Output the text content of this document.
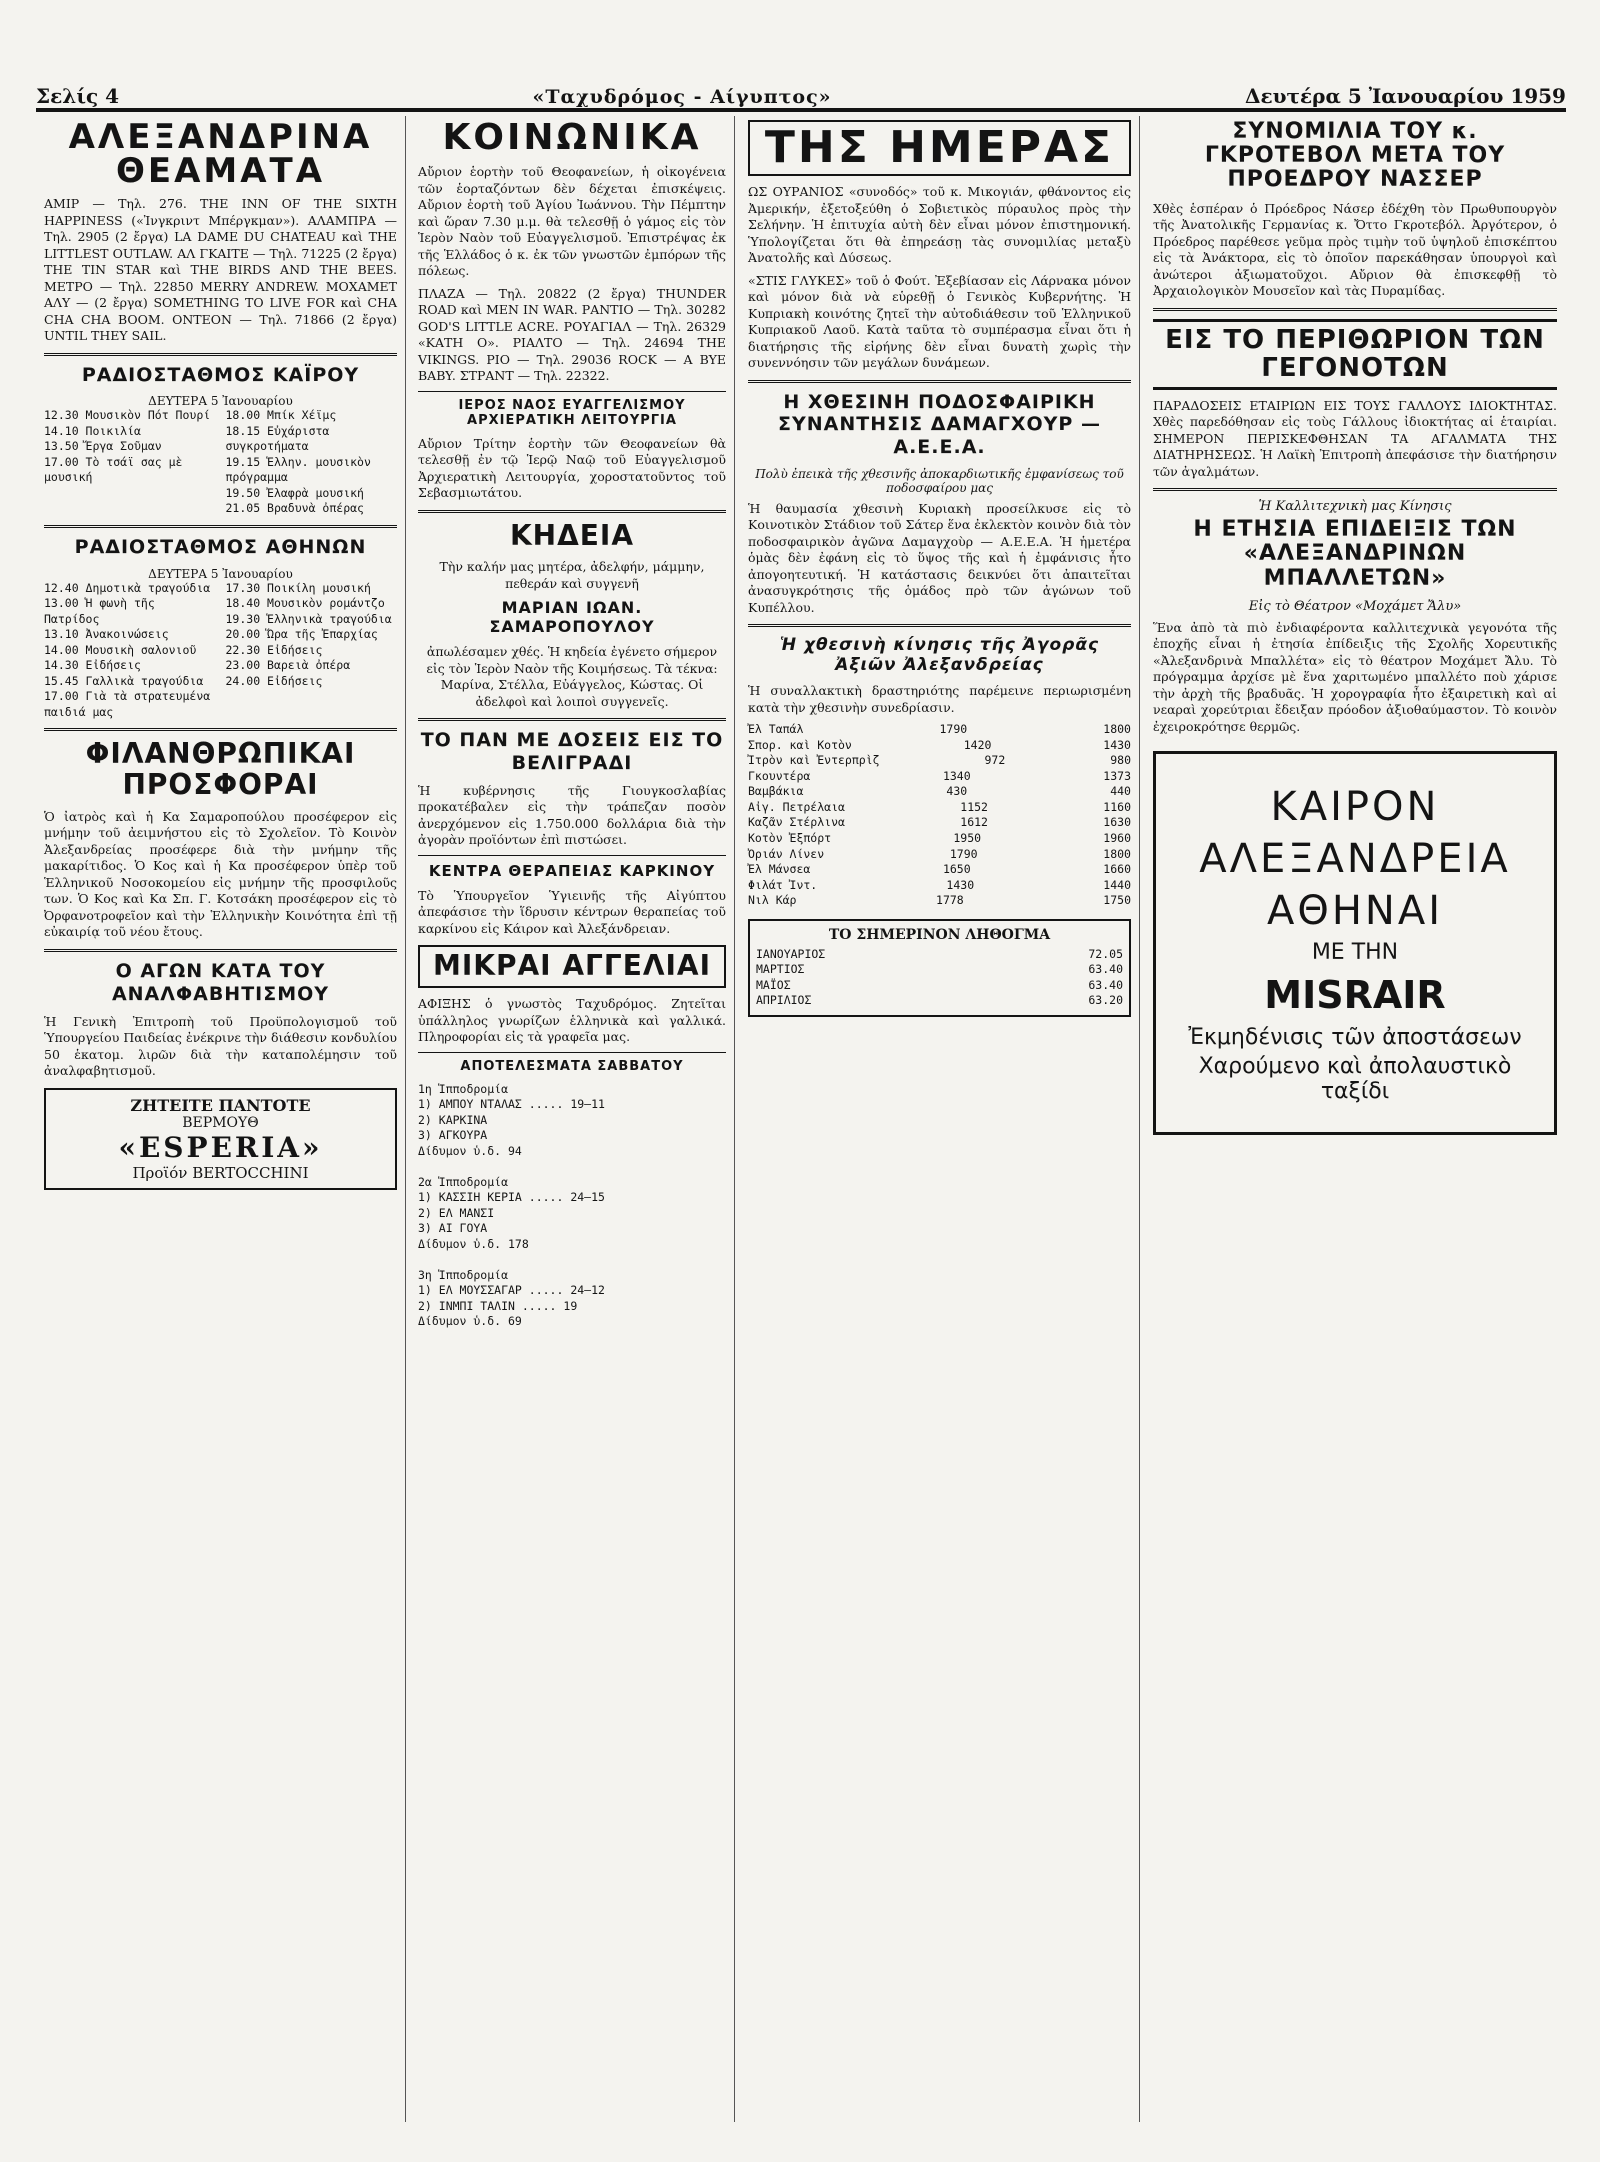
Σελίς 4	«Ταχυδρόμος - Αίγυπτος»	Δευτέρα 5 Ἰανουαρίου 1959
ΑΛΕΞΑΝΔΡΙΝΑ ΘΕΑΜΑΤΑ

ΑΜΙΡ — Τηλ. 276. THE INN OF THE SIXTH HAPPINESS («Ἰνγκριντ Μπέργκμαν»). ΑΛΑΜΠΡΑ — Τηλ. 2905 (2 ἔργα) LA DAME DU CHATEAU καὶ THE LITTLEST OUTLAW. ΑΛ ΓΚΑΙΤΕ — Τηλ. 71225 (2 ἔργα) THE TIN STAR καὶ THE BIRDS AND THE BEES. ΜΕΤΡΟ — Τηλ. 22850 MERRY ANDREW. ΜΟΧΑΜΕΤ ΑΛΥ — (2 ἔργα) SOMETHING TO LIVE FOR καὶ CHA CHA CHA BOOM. ΟΝΤΕΟΝ — Τηλ. 71866 (2 ἔργα) UNTIL THEY SAIL.

ΡΑΔΙΟΣΤΑΘΜΟΣ ΚΑΪΡΟΥ
ΔΕΥΤΕΡΑ 5 Ἰανουαρίου
12.30 Μουσικὸν Πότ Πουρί
14.10 Ποικιλία
13.50 Ἔργα Σοῦμαν
17.00 Τὸ τσάϊ σας μὲ μουσική
18.00 Μπίκ Χέϊμς
18.15 Εὐχάριστα συγκροτήματα
19.15 Ἑλλην. μουσικὸν πρόγραμμα
19.50 Ἐλαφρὰ μουσική
21.05 Βραδυνὰ ὀπέρας
ΡΑΔΙΟΣΤΑΘΜΟΣ ΑΘΗΝΩΝ
ΔΕΥΤΕΡΑ 5 Ἰανουαρίου
12.40 Δημοτικὰ τραγούδια
13.00 Ἡ φωνὴ τῆς Πατρίδος
13.10 Ἀνακοινώσεις
14.00 Μουσικὴ σαλονιοῦ
14.30 Εἰδήσεις
15.45 Γαλλικὰ τραγούδια
17.00 Γιὰ τὰ στρατευμένα παιδιά μας
17.30 Ποικίλη μουσική
18.40 Μουσικὸν ρομάντζο
19.30 Ἑλληνικὰ τραγούδια
20.00 Ὥρα τῆς Ἐπαρχίας
22.30 Εἰδήσεις
23.00 Βαρειὰ ὀπέρα
24.00 Εἰδήσεις
ΦΙΛΑΝΘΡΩΠΙΚΑΙ ΠΡΟΣΦΟΡΑΙ

Ὁ ἰατρὸς καὶ ἡ Κα Σαμαροπούλου προσέφερον εἰς μνήμην τοῦ ἀειμνήστου εἰς τὸ Σχολεῖον. Τὸ Κοινὸν Ἀλεξανδρείας προσέφερε διὰ τὴν μνήμην τῆς μακαρίτιδος. Ὁ Κος καὶ ἡ Κα προσέφερον ὑπὲρ τοῦ Ἑλληνικοῦ Νοσοκομείου εἰς μνήμην τῆς προσφιλοῦς των. Ὁ Κος καὶ Κα Σπ. Γ. Κοτσάκη προσέφερον εἰς τὸ Ὀρφανοτροφεῖον καὶ τὴν Ἑλληνικὴν Κοινότητα ἐπὶ τῇ εὐκαιρίᾳ τοῦ νέου ἔτους.

Ο ΑΓΩΝ ΚΑΤΑ ΤΟΥ ΑΝΑΛΦΑΒΗΤΙΣΜΟΥ

Ἡ Γενικὴ Ἐπιτροπὴ τοῦ Προϋπολογισμοῦ τοῦ Ὑπουργείου Παιδείας ἐνέκρινε τὴν διάθεσιν κονδυλίου 50 ἑκατομ. λιρῶν διὰ τὴν καταπολέμησιν τοῦ ἀναλφαβητισμοῦ.

ΖΗΤΕΙΤΕ ΠΑΝΤΟΤΕ
ΒΕΡΜΟΥΘ
«ESPERIA»
Προϊόν BERTOCCHINI
ΚΟΙΝΩΝΙΚΑ

Αὔριον ἑορτὴν τοῦ Θεοφανείων, ἡ οἰκογένεια τῶν ἑορταζόντων δὲν δέχεται ἐπισκέψεις. Αὔριον ἑορτὴ τοῦ Ἁγίου Ἰωάννου. Τὴν Πέμπτην καὶ ὥραν 7.30 μ.μ. θὰ τελεσθῇ ὁ γάμος εἰς τὸν Ἱερὸν Ναὸν τοῦ Εὐαγγελισμοῦ. Ἐπιστρέψας ἐκ τῆς Ἑλλάδος ὁ κ. ἐκ τῶν γνωστῶν ἐμπόρων τῆς πόλεως.

ΠΛΑΖΑ — Τηλ. 20822 (2 ἔργα) THUNDER ROAD καὶ MEN IN WAR. ΡΑΝΤΙΟ — Τηλ. 30282 GOD'S LITTLE ACRE. ΡΟΥΑΓΙΑΛ — Τηλ. 26329 «ΚΑΤΗ Ο». ΡΙΑΛΤΟ — Τηλ. 24694 THE VIKINGS. ΡΙΟ — Τηλ. 29036 ROCK — A BYE BABY. ΣΤΡΑΝΤ — Τηλ. 22322.

ΙΕΡΟΣ ΝΑΟΣ ΕΥΑΓΓΕΛΙΣΜΟΥ ΑΡΧΙΕΡΑΤΙΚΗ ΛΕΙΤΟΥΡΓΙΑ

Αὔριον Τρίτην ἑορτὴν τῶν Θεοφανείων θὰ τελεσθῇ ἐν τῷ Ἱερῷ Ναῷ τοῦ Εὐαγγελισμοῦ Ἀρχιερατικὴ Λειτουργία, χοροστατοῦντος τοῦ Σεβασμιωτάτου.

ΚΗΔΕΙΑ

Τὴν καλήν μας μητέρα, ἀδελφήν, μάμμην, πεθεράν καὶ συγγενῆ

ΜΑΡΙΑΝ ΙΩΑΝ. ΣΑΜΑΡΟΠΟΥΛΟΥ

ἀπωλέσαμεν χθές. Ἡ κηδεία ἐγένετο σήμερον εἰς τὸν Ἱερὸν Ναὸν τῆς Κοιμήσεως. Τὰ τέκνα: Μαρίνα, Στέλλα, Εὐάγγελος, Κώστας. Οἱ ἀδελφοὶ καὶ λοιποὶ συγγενεῖς.

ΤΟ ΠΑΝ ΜΕ ΔΟΣΕΙΣ ΕΙΣ ΤΟ ΒΕΛΙΓΡΑΔΙ

Ἡ κυβέρνησις τῆς Γιουγκοσλαβίας προκατέβαλεν εἰς τὴν τράπεζαν ποσὸν ἀνερχόμενον εἰς 1.750.000 δολλάρια διὰ τὴν ἀγορὰν προϊόντων ἐπὶ πιστώσει.

ΚΕΝΤΡΑ ΘΕΡΑΠΕΙΑΣ ΚΑΡΚΙΝΟΥ

Τὸ Ὑπουργεῖον Ὑγιεινῆς τῆς Αἰγύπτου ἀπεφάσισε τὴν ἵδρυσιν κέντρων θεραπείας τοῦ καρκίνου εἰς Κάιρον καὶ Ἀλεξάνδρειαν.

ΜΙΚΡΑΙ ΑΓΓΕΛΙΑΙ

ΑΦΙΞΗΣ ὁ γνωστὸς Ταχυδρόμος. Ζητεῖται ὑπάλληλος γνωρίζων ἑλληνικὰ καὶ γαλλικά. Πληροφορίαι εἰς τὰ γραφεῖα μας.

ΑΠΟΤΕΛΕΣΜΑΤΑ ΣΑΒΒΑΤΟΥ
1η Ἱπποδρομία
1) ΑΜΠΟΥ ΝΤΑΛΑΣ ..... 19—11
2) ΚΑΡΚΙΝΑ
3) ΑΓΚΟΥΡΑ
Δίδυμον ὑ.δ. 94

2α Ἱπποδρομία
1) ΚΑΣΣΙΗ ΚΕΡΙΑ ..... 24—15
2) ΕΛ ΜΑΝΣΙ
3) ΑΙ ΓΟΥΑ
Δίδυμον ὑ.δ. 178

3η Ἱπποδρομία
1) ΕΛ ΜΟΥΣΣΑΓΑΡ ..... 24—12
2) ΙΝΜΠΙ ΤΑΛΙΝ ..... 19
Δίδυμον ὑ.δ. 69
ΤΗΣ ΗΜΕΡΑΣ

ΩΣ ΟΥΡΑΝΙΟΣ «συνοδός» τοῦ κ. Μικογιάν, φθάνοντος εἰς Ἀμερικήν, ἐξετοξεύθη ὁ Σοβιετικὸς πύραυλος πρὸς τὴν Σελήνην. Ἡ ἐπιτυχία αὐτὴ δὲν εἶναι μόνον ἐπιστημονική. Ὑπολογίζεται ὅτι θὰ ἐπηρεάσῃ τὰς συνομιλίας μεταξὺ Ἀνατολῆς καὶ Δύσεως.

«ΣΤΙΣ ΓΛΥΚΕΣ» τοῦ ὁ Φούτ. Ἐξεβίασαν εἰς Λάρνακα μόνον καὶ μόνον διὰ νὰ εὑρεθῇ ὁ Γενικὸς Κυβερνήτης. Ἡ Κυπριακὴ κοινότης ζητεῖ τὴν αὐτοδιάθεσιν τοῦ Ἑλληνικοῦ Κυπριακοῦ Λαοῦ. Κατὰ ταῦτα τὸ συμπέρασμα εἶναι ὅτι ἡ διατήρησις τῆς εἰρήνης δὲν εἶναι δυνατὴ χωρὶς τὴν συνεννόησιν τῶν μεγάλων δυνάμεων.

Η ΧΘΕΣΙΝΗ ΠΟΔΟΣΦΑΙΡΙΚΗ ΣΥΝΑΝΤΗΣΙΣ ΔΑΜΑΓΧΟΥΡ — Α.Ε.Ε.Α.
Πολὺ ἐπεικὰ τῆς χθεσινῆς ἀποκαρδιωτικῆς ἐμφανίσεως τοῦ ποδοσφαίρου μας

Ἡ θαυμασία χθεσινὴ Κυριακὴ προσείλκυσε εἰς τὸ Κοινοτικὸν Στάδιον τοῦ Σάτερ ἕνα ἐκλεκτὸν κοινὸν διὰ τὸν ποδοσφαιρικὸν ἀγῶνα Δαμαγχοὺρ — Α.Ε.Ε.Α. Ἡ ἡμετέρα ὁμὰς δὲν ἐφάνη εἰς τὸ ὕψος τῆς καὶ ἡ ἐμφάνισις ἦτο ἀπογοητευτική. Ἡ κατάστασις δεικνύει ὅτι ἀπαιτεῖται ἀνασυγκρότησις τῆς ὁμάδος πρὸ τῶν ἀγώνων τοῦ Κυπέλλου.

Ἡ χθεσινὴ κίνησις τῆς Ἀγορᾶς Ἀξιῶν Ἀλεξανδρείας

Ἡ συναλλακτικὴ δραστηριότης παρέμεινε περιωρισμένη κατὰ τὴν χθεσινὴν συνεδρίασιν.

Ἐλ Ταπάλ	1790	1800
Σπορ. καὶ Κοτὸν	1420	1430
Ἰτρὸν καὶ Ἐντερπρὶζ	972	980
Γκουντέρα	1340	1373
Βαμβάκια	430	440
Αἰγ. Πετρέλαια	1152	1160
Καζᾶν Στέρλινα	1612	1630
Κοτὸν Ἐξπόρτ	1950	1960
Ὀριάν Λίνεν	1790	1800
Ἐλ Μάνσεα	1650	1660
Φιλάτ Ἰντ.	1430	1440
Νιλ Κάρ	1778	1750
ΤΟ ΣΗΜΕΡΙΝΟΝ ΛΗΘΟΓΜΑ
ΙΑΝΟΥΑΡΙΟΣ	72.05
ΜΑΡΤΙΟΣ	63.40
ΜΑΪΟΣ	63.40
ΑΠΡΙΛΙΟΣ	63.20
ΣΥΝΟΜΙΛΙΑ ΤΟΥ κ. ΓΚΡΟΤΕΒΟΛ ΜΕΤΑ ΤΟΥ ΠΡΟΕΔΡΟΥ ΝΑΣΣΕΡ

Χθὲς ἑσπέραν ὁ Πρόεδρος Νάσερ ἐδέχθη τὸν Πρωθυπουργὸν τῆς Ἀνατολικῆς Γερμανίας κ. Ὄττο Γκροτεβόλ. Ἀργότερον, ὁ Πρόεδρος παρέθεσε γεῦμα πρὸς τιμὴν τοῦ ὑψηλοῦ ἐπισκέπτου εἰς τὰ Ἀνάκτορα, εἰς τὸ ὁποῖον παρεκάθησαν ὑπουργοὶ καὶ ἀνώτεροι ἀξιωματοῦχοι. Αὔριον θὰ ἐπισκεφθῇ τὸ Ἀρχαιολογικὸν Μουσεῖον καὶ τὰς Πυραμίδας.

ΕΙΣ ΤΟ ΠΕΡΙΘΩΡΙΟΝ ΤΩΝ ΓΕΓΟΝΟΤΩΝ

ΠΑΡΑΔΟΣΕΙΣ ΕΤΑΙΡΙΩΝ ΕΙΣ ΤΟΥΣ ΓΑΛΛΟΥΣ ΙΔΙΟΚΤΗΤΑΣ. Χθὲς παρεδόθησαν εἰς τοὺς Γάλλους ἰδιοκτήτας αἱ ἑταιρίαι. ΣΗΜΕΡΟΝ ΠΕΡΙΣΚΕΦΘΗΣΑΝ ΤΑ ΑΓΑΛΜΑΤΑ ΤΗΣ ΔΙΑΤΗΡΗΣΕΩΣ. Ἡ Λαϊκὴ Ἐπιτροπὴ ἀπεφάσισε τὴν διατήρησιν τῶν ἀγαλμάτων.

Ἡ Καλλιτεχνικὴ μας Κίνησις
Η ΕΤΗΣΙΑ ΕΠΙΔΕΙΞΙΣ ΤΩΝ «ΑΛΕΞΑΝΔΡΙΝΩΝ ΜΠΑΛΛΕΤΩΝ»
Εἰς τὸ Θέατρον «Μοχάμετ Ἄλυ»

Ἕνα ἀπὸ τὰ πιὸ ἐνδιαφέροντα καλλιτεχνικὰ γεγονότα τῆς ἐποχῆς εἶναι ἡ ἐτησία ἐπίδειξις τῆς Σχολῆς Χορευτικῆς «Ἀλεξανδρινὰ Μπαλλέτα» εἰς τὸ θέατρον Μοχάμετ Ἄλυ. Τὸ πρόγραμμα ἀρχίσε μὲ ἕνα χαριτωμένο μπαλλέτο ποὺ χάρισε τὴν ἀρχὴ τῆς βραδυᾶς. Ἡ χορογραφία ἦτο ἐξαιρετικὴ καὶ αἱ νεαραὶ χορεύτριαι ἔδειξαν πρόοδον ἀξιοθαύμαστον. Τὸ κοινὸν ἐχειροκρότησε θερμῶς.

ΚΑΙΡΟΝ
ΑΛΕΞΑΝΔΡΕΙΑ
ΑΘΗΝΑΙ
ΜΕ ΤΗΝ
MISRAIR
Ἐκμηδένισις τῶν ἀποστάσεων
Χαρούμενο καὶ ἀπολαυστικὸ ταξίδι
